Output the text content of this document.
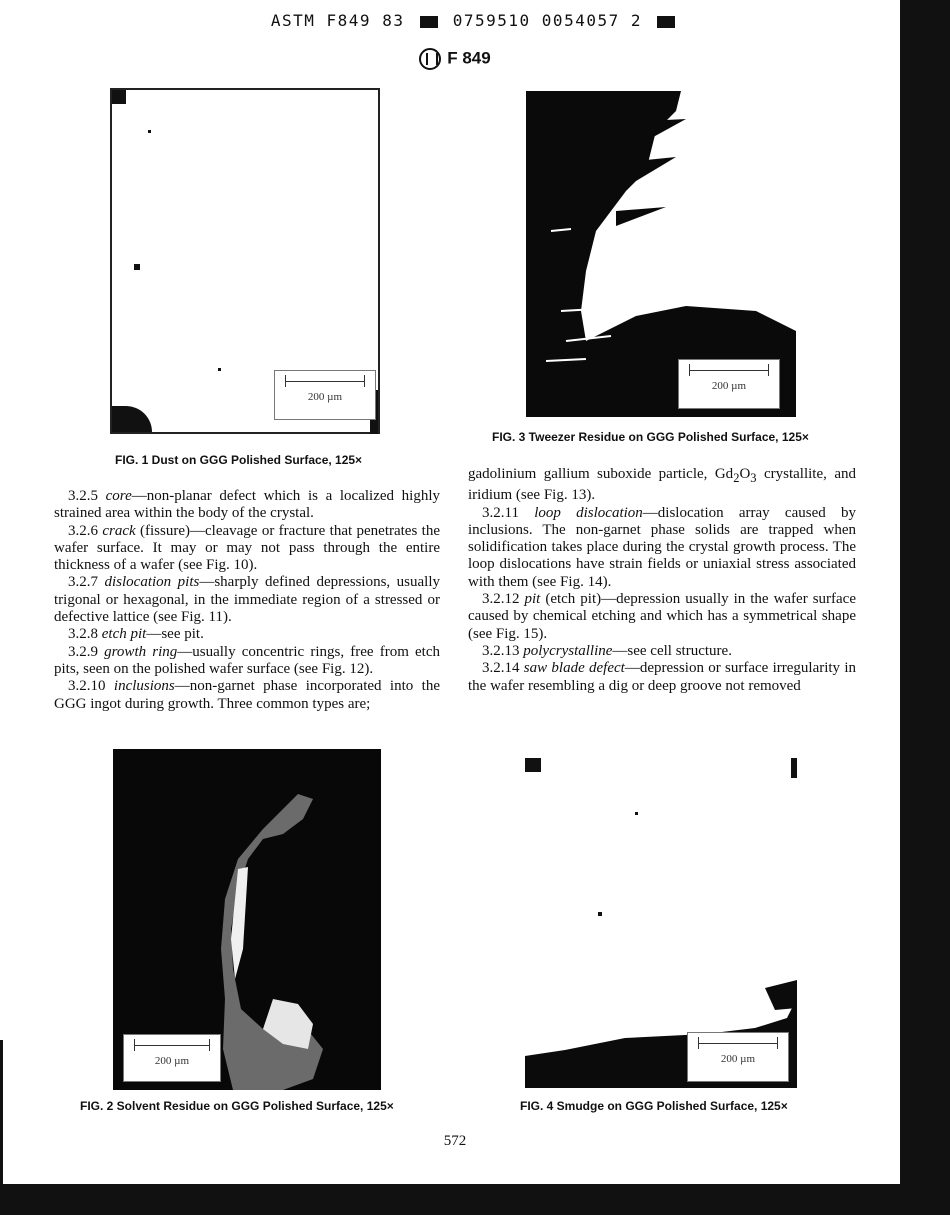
ASTM F849 83	0759510 0054057 2
F 849
200 µm
FIG. 1 Dust on GGG Polished Surface, 125×
200 µm
FIG. 3 Tweezer Residue on GGG Polished Surface, 125×

3.2.5 core—non-planar defect which is a localized highly strained area within the body of the crystal.

3.2.6 crack (fissure)—cleavage or fracture that penetrates the wafer surface. It may or may not pass through the entire thickness of a wafer (see Fig. 10).

3.2.7 dislocation pits—sharply defined depressions, usually trigonal or hexagonal, in the immediate region of a stressed or defective lattice (see Fig. 11).

3.2.8 etch pit—see pit.

3.2.9 growth ring—usually concentric rings, free from etch pits, seen on the polished wafer surface (see Fig. 12).

3.2.10 inclusions—non-garnet phase incorporated into the GGG ingot during growth. Three common types are;

gadolinium gallium suboxide particle, $Gd_2O_3$ crystallite, and iridium (see Fig. 13).

3.2.11 loop dislocation—dislocation array caused by inclusions. The non-garnet phase solids are trapped when solidification takes place during the crystal growth process. The loop dislocations have strain fields or uniaxial stress associated with them (see Fig. 14).

3.2.12 pit (etch pit)—depression usually in the wafer surface caused by chemical etching and which has a symmetrical shape (see Fig. 15).

3.2.13 polycrystalline—see cell structure.

3.2.14 saw blade defect—depression or surface irregularity in the wafer resembling a dig or deep groove not removed

200 µm
FIG. 2 Solvent Residue on GGG Polished Surface, 125×
200 µm
FIG. 4 Smudge on GGG Polished Surface, 125×
572
